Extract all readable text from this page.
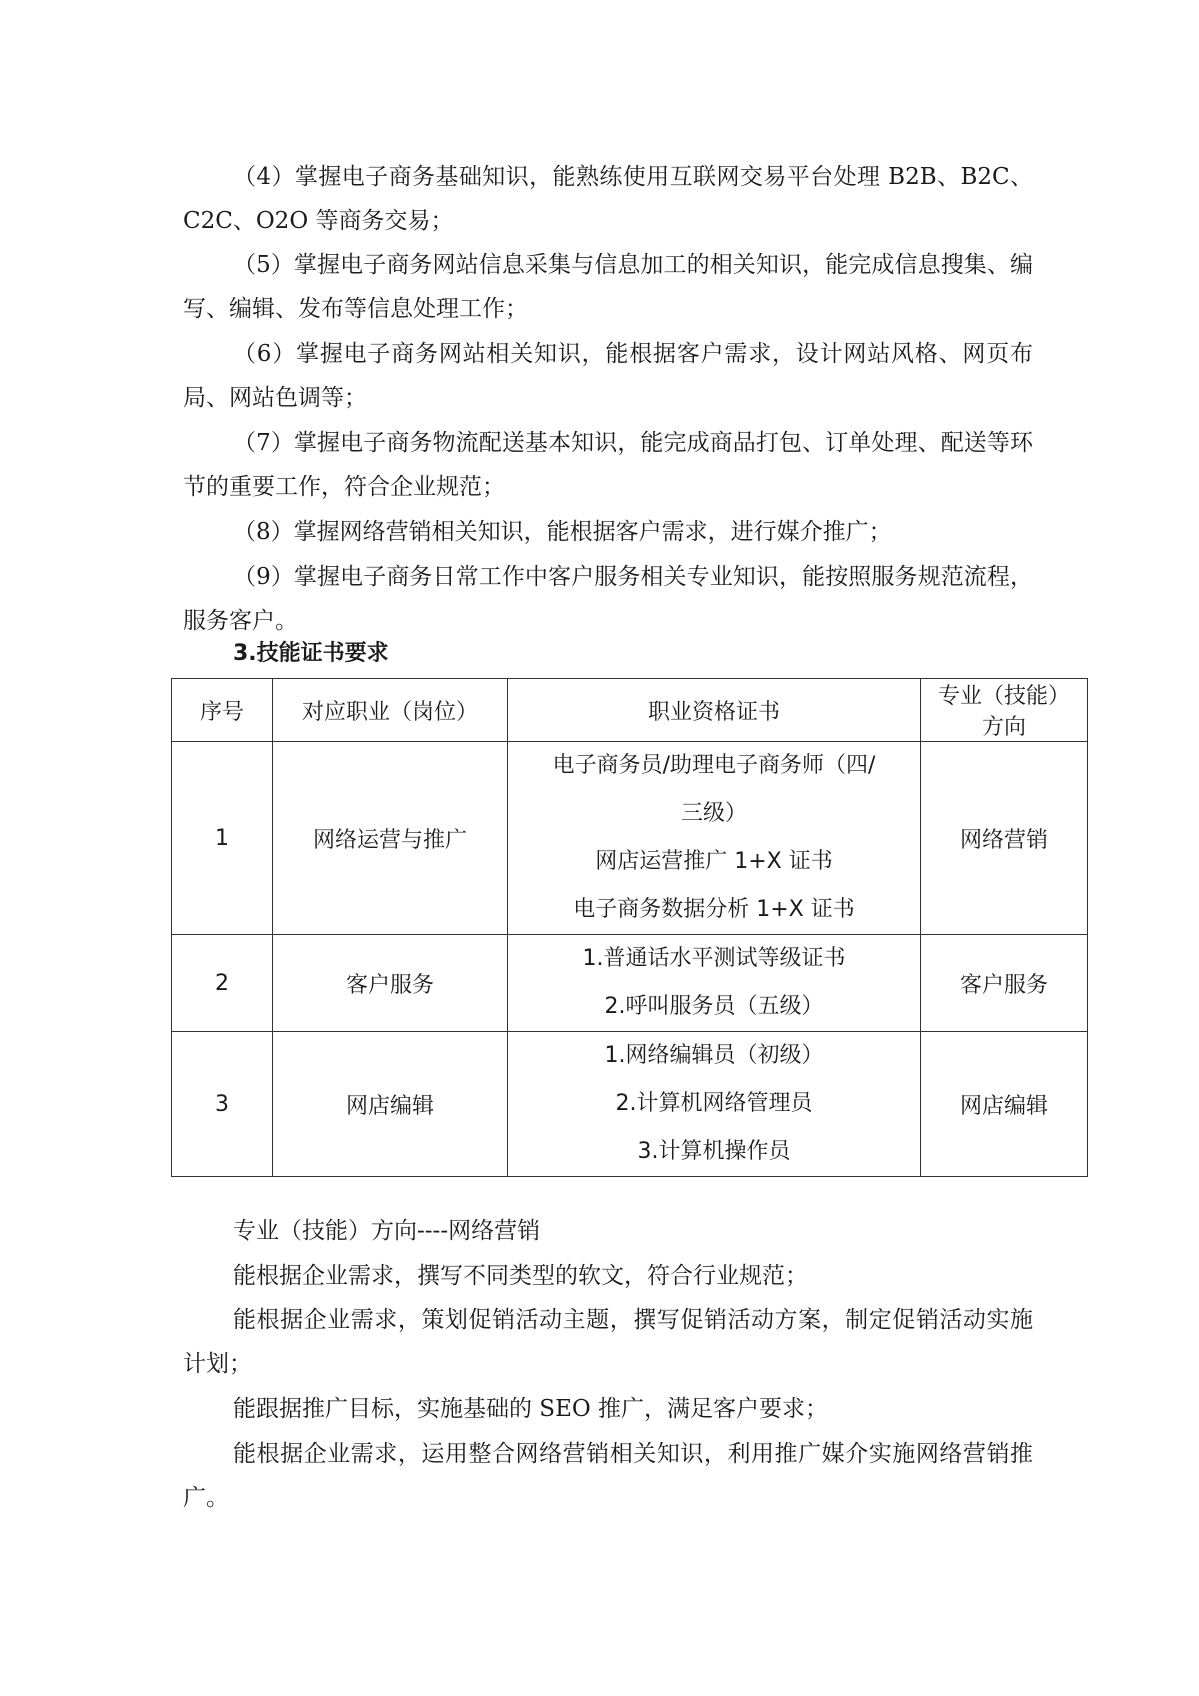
（4）掌握电子商务基础知识，能熟练使用互联网交易平台处理 B2B、B2C、C2C、O2O 等商务交易；

（5）掌握电子商务网站信息采集与信息加工的相关知识，能完成信息搜集、编写、编辑、发布等信息处理工作；

（6）掌握电子商务网站相关知识，能根据客户需求，设计网站风格、网页布局、网站色调等；

（7）掌握电子商务物流配送基本知识，能完成商品打包、订单处理、配送等环节的重要工作，符合企业规范；

（8）掌握网络营销相关知识，能根据客户需求，进行媒介推广；

（9）掌握电子商务日常工作中客户服务相关专业知识，能按照服务规范流程，服务客户。

3.技能证书要求
序号	对应职业（岗位）	职业资格证书	专业（技能）方向
1	网络运营与推广	电子商务员/助理电子商务师（四/
三级）
网店运营推广 1+X 证书
电子商务数据分析 1+X 证书	网络营销
2	客户服务	1.普通话水平测试等级证书
2.呼叫服务员（五级）	客户服务
3	网店编辑	1.网络编辑员（初级）
2.计算机网络管理员
3.计算机操作员	网店编辑

专业（技能）方向----网络营销

能根据企业需求，撰写不同类型的软文，符合行业规范；

能根据企业需求，策划促销活动主题，撰写促销活动方案，制定促销活动实施计划；

能跟据推广目标，实施基础的 SEO 推广，满足客户要求；

能根据企业需求，运用整合网络营销相关知识，利用推广媒介实施网络营销推广。
